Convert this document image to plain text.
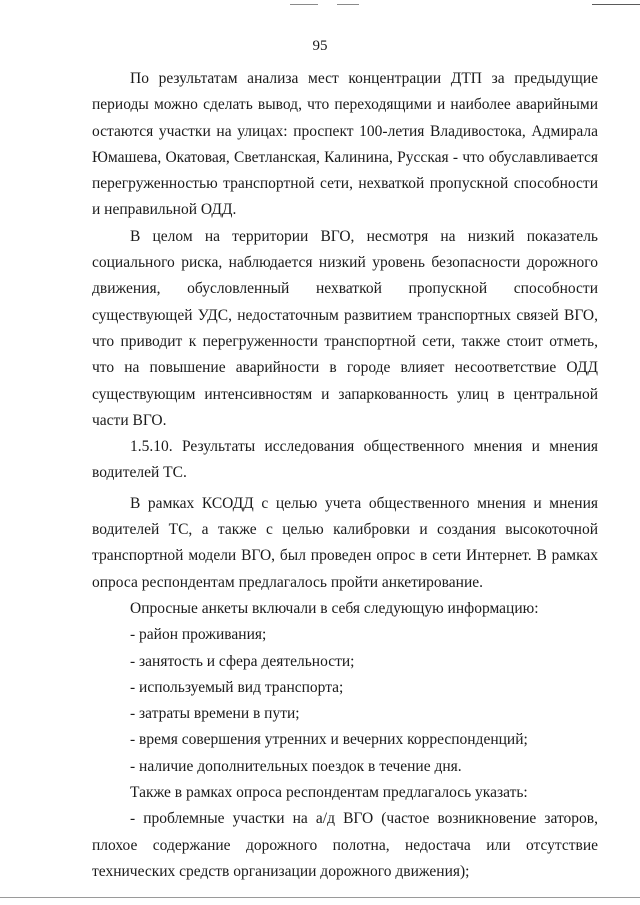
95

По результатам анализа мест концентрации ДТП за предыдущие периоды можно сделать вывод, что переходящими и наиболее аварийными остаются участки на улицах: проспект 100-летия Владивостока, Адмирала Юмашева, Окатовая, Светланская, Калинина, Русская - что обуславливается перегруженностью транспортной сети, нехваткой пропускной способности и неправильной ОДД.

В целом на территории ВГО, несмотря на низкий показатель социального риска, наблюдается низкий уровень безопасности дорожного движения, обусловленный нехваткой пропускной способности существующей УДС, недостаточным развитием транспортных связей ВГО, что приводит к перегруженности транспортной сети, также стоит отметь, что на повышение аварийности в городе влияет несоответствие ОДД существующим интенсивностям и запаркованность улиц в центральной части ВГО.

1.5.10. Результаты исследования общественного мнения и мнения водителей ТС.

В рамках КСОДД с целью учета общественного мнения и мнения водителей ТС, а также с целью калибровки и создания высокоточной транспортной модели ВГО, был проведен опрос в сети Интернет. В рамках опроса респондентам предлагалось пройти анкетирование.

Опросные анкеты включали в себя следующую информацию:

- район проживания;

- занятость и сфера деятельности;

- используемый вид транспорта;

- затраты времени в пути;

- время совершения утренних и вечерних корреспонденций;

- наличие дополнительных поездок в течение дня.

Также в рамках опроса респондентам предлагалось указать:

- проблемные участки на а/д ВГО (частое возникновение заторов, плохое содержание дорожного полотна, недостача или отсутствие технических средств организации дорожного движения);
